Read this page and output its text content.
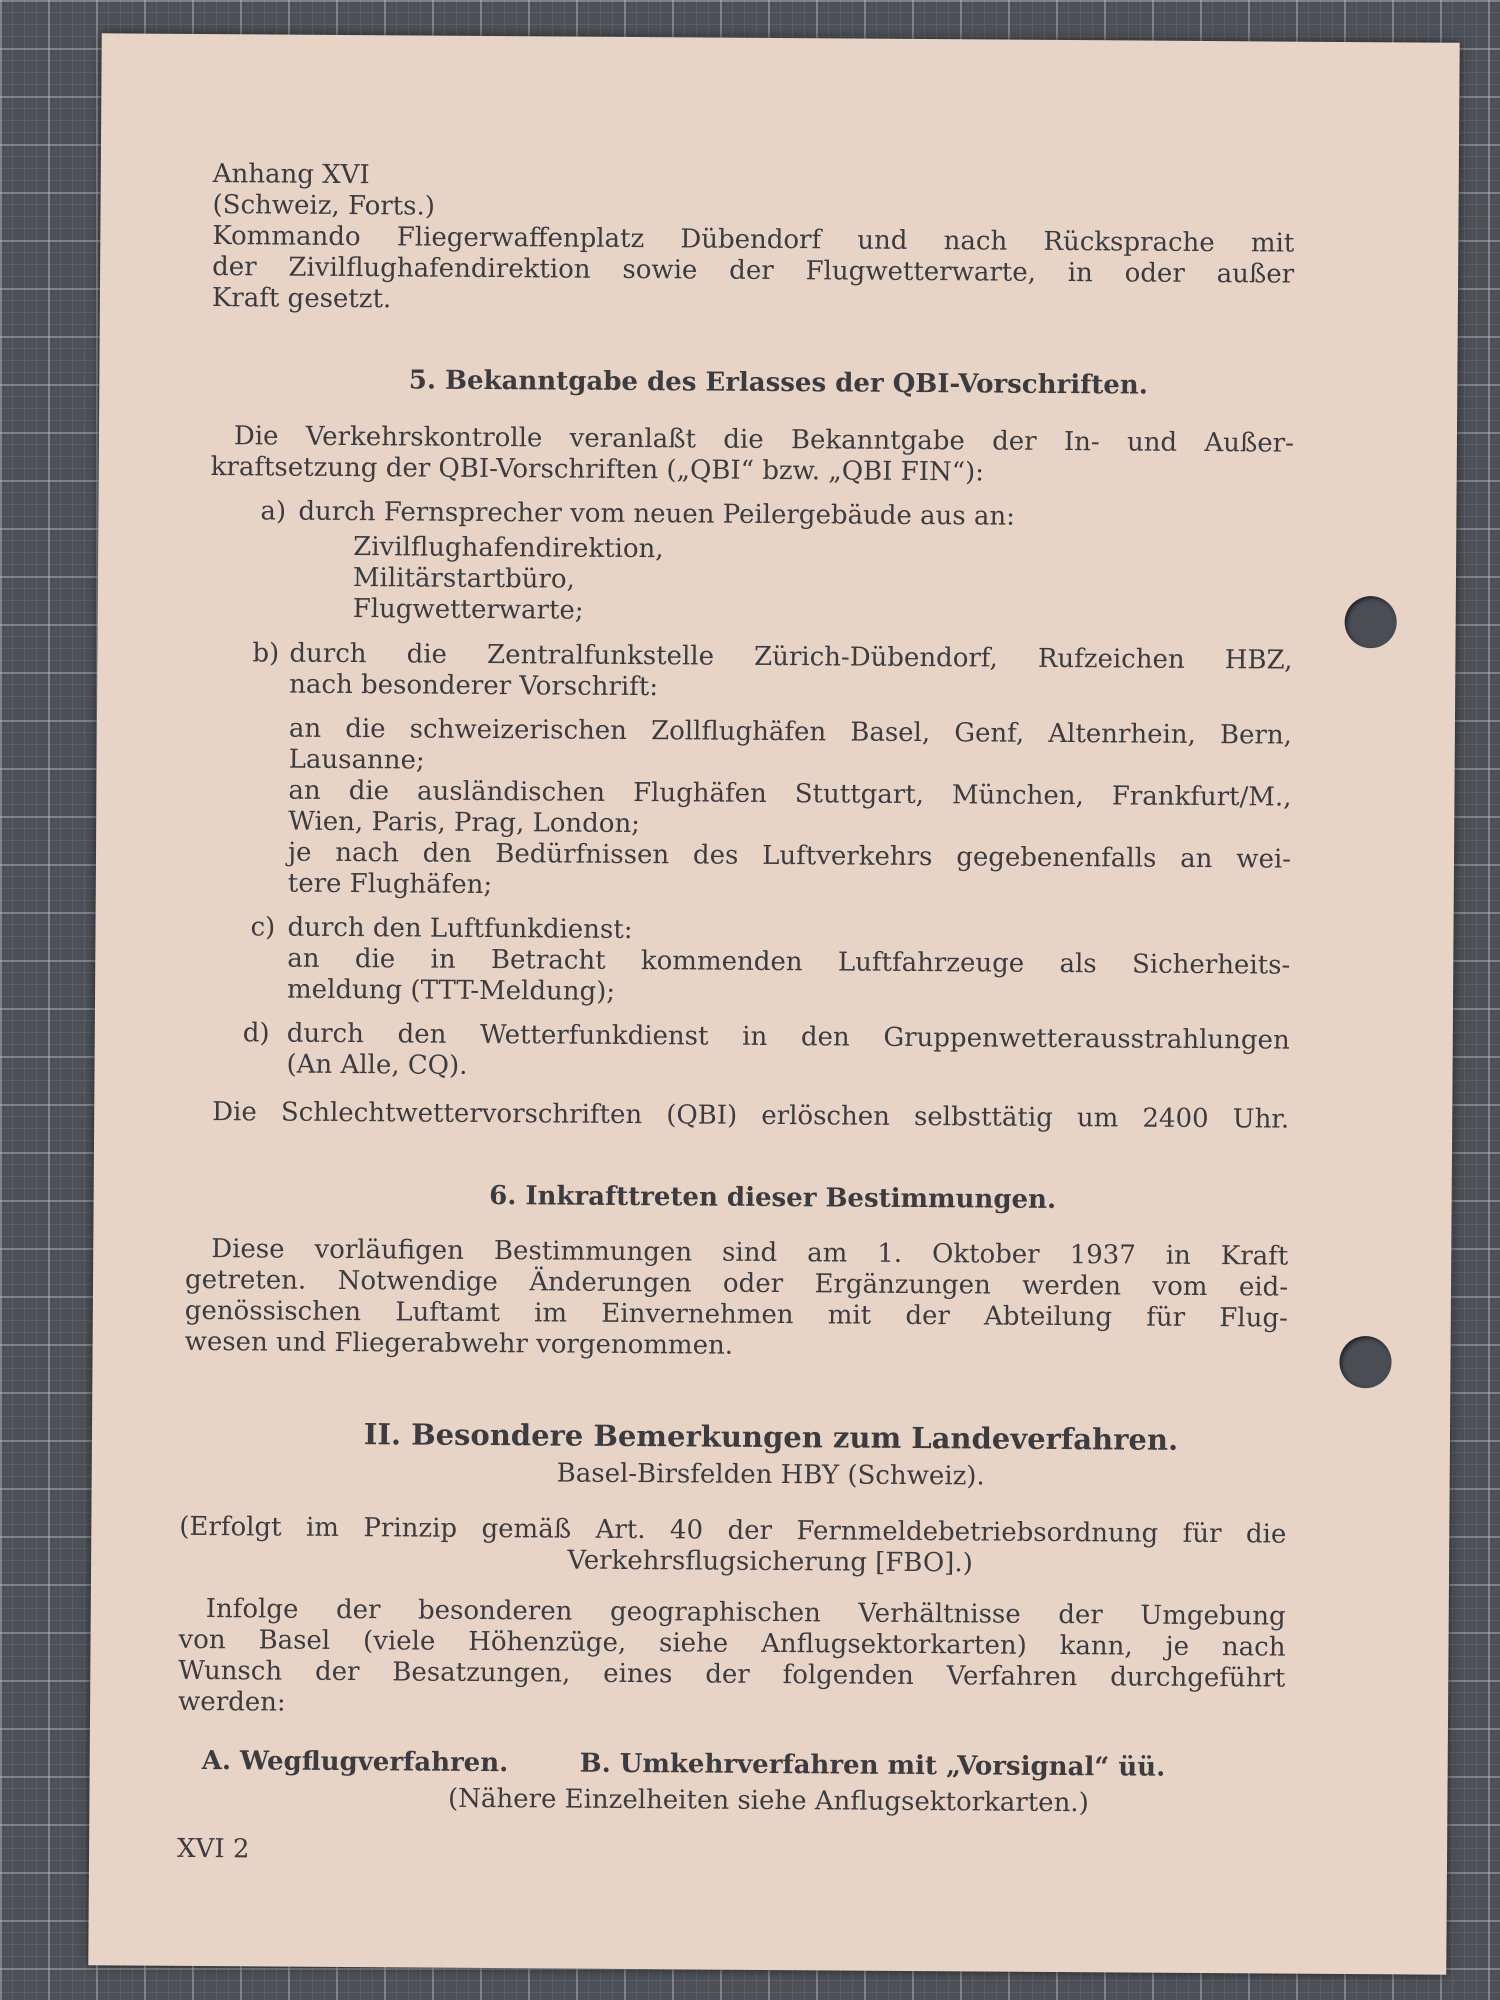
Anhang XVI
(Schweiz, Forts.)
Kommando Fliegerwaffenplatz Dübendorf und nach Rücksprache mit
der Zivilflughafendirektion sowie der Flugwetterwarte, in oder außer
Kraft gesetzt.
5. Bekanntgabe des Erlasses der QBI-Vorschriften.
Die Verkehrskontrolle veranlaßt die Bekanntgabe der In- und Außer-
kraftsetzung der QBI-Vorschriften („QBI“ bzw. „QBI FIN“):
a) durch Fernsprecher vom neuen Peilergebäude aus an:
Zivilflughafendirektion,
Militärstartbüro,
Flugwetterwarte;
b) durch die Zentralfunkstelle Zürich-Dübendorf, Rufzeichen HBZ,
nach besonderer Vorschrift:
an die schweizerischen Zollflughäfen Basel, Genf, Altenrhein, Bern,
Lausanne;
an die ausländischen Flughäfen Stuttgart, München, Frankfurt/M.,
Wien, Paris, Prag, London;
je nach den Bedürfnissen des Luftverkehrs gegebenenfalls an wei-
tere Flughäfen;
c) durch den Luftfunkdienst:
an die in Betracht kommenden Luftfahrzeuge als Sicherheits-
meldung (TTT-Meldung);
d) durch den Wetterfunkdienst in den Gruppenwetterausstrahlungen
(An Alle, CQ).
Die Schlechtwettervorschriften (QBI) erlöschen selbsttätig um 2400 Uhr.
6. Inkrafttreten dieser Bestimmungen.
Diese vorläufigen Bestimmungen sind am 1. Oktober 1937 in Kraft
getreten. Notwendige Änderungen oder Ergänzungen werden vom eid-
genössischen Luftamt im Einvernehmen mit der Abteilung für Flug-
wesen und Fliegerabwehr vorgenommen.
II. Besondere Bemerkungen zum Landeverfahren.
Basel-Birsfelden HBY (Schweiz).
(Erfolgt im Prinzip gemäß Art. 40 der Fernmeldebetriebsordnung für die
Verkehrsflugsicherung [FBO].)
Infolge der besonderen geographischen Verhältnisse der Umgebung
von Basel (viele Höhenzüge, siehe Anflugsektorkarten) kann, je nach
Wunsch der Besatzungen, eines der folgenden Verfahren durchgeführt
werden:
A. Wegflugverfahren.	B. Umkehrverfahren mit „Vorsignal“ üü.
(Nähere Einzelheiten siehe Anflugsektorkarten.)
XVI 2
